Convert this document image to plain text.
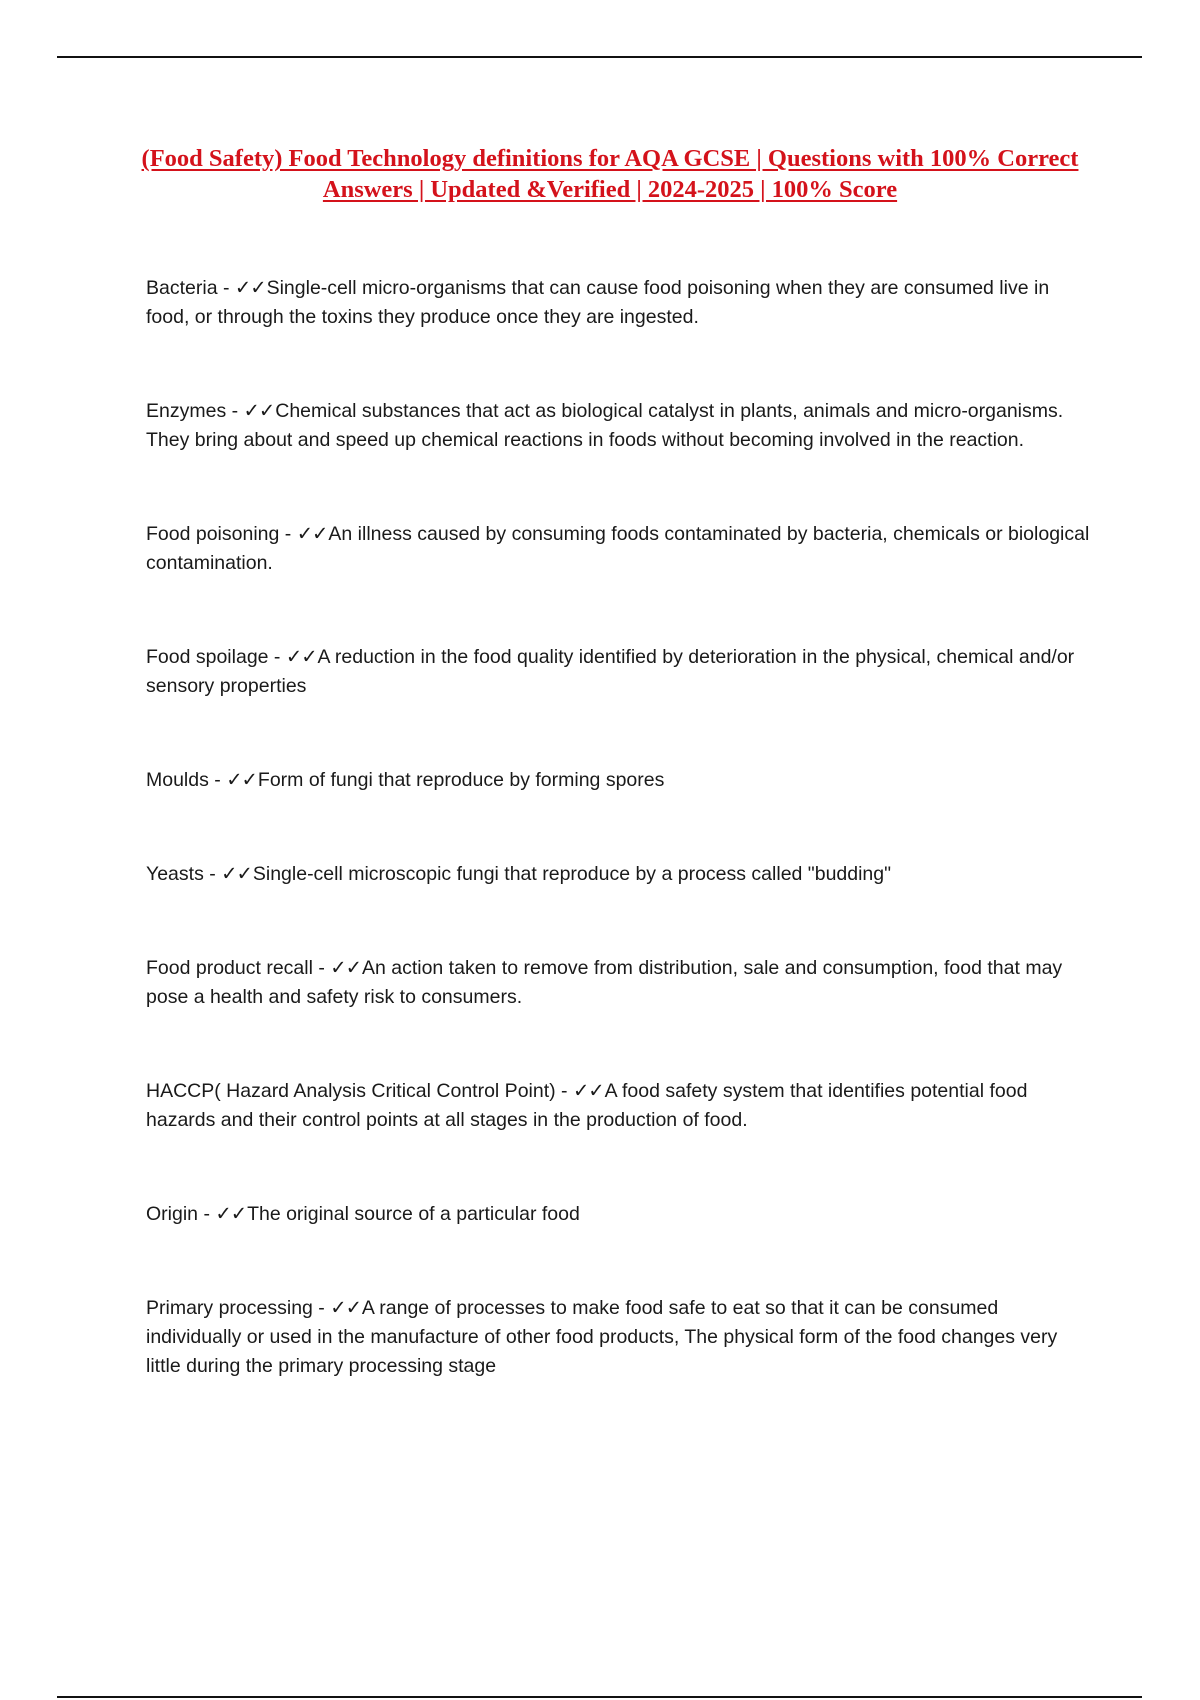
(Food Safety) Food Technology definitions for AQA GCSE | Questions with 100% Correct Answers | Updated &Verified | 2024-2025 | 100% Score
Bacteria - ✓✓Single-cell micro-organisms that can cause food poisoning when they are consumed live in food, or through the toxins they produce once they are ingested.
Enzymes - ✓✓Chemical substances that act as biological catalyst in plants, animals and micro-organisms. They bring about and speed up chemical reactions in foods without becoming involved in the reaction.
Food poisoning - ✓✓An illness caused by consuming foods contaminated by bacteria, chemicals or biological contamination.
Food spoilage - ✓✓A reduction in the food quality identified by deterioration in the physical, chemical and/or sensory properties
Moulds - ✓✓Form of fungi that reproduce by forming spores
Yeasts - ✓✓Single-cell microscopic fungi that reproduce by a process called "budding"
Food product recall - ✓✓An action taken to remove from distribution, sale and consumption, food that may pose a health and safety risk to consumers.
HACCP( Hazard Analysis Critical Control Point) - ✓✓A food safety system that identifies potential food hazards and their control points at all stages in the production of food.
Origin - ✓✓The original source of a particular food
Primary processing - ✓✓A range of processes to make food safe to eat so that it can be consumed individually or used in the manufacture of other food products, The physical form of the food changes very little during the primary processing stage
